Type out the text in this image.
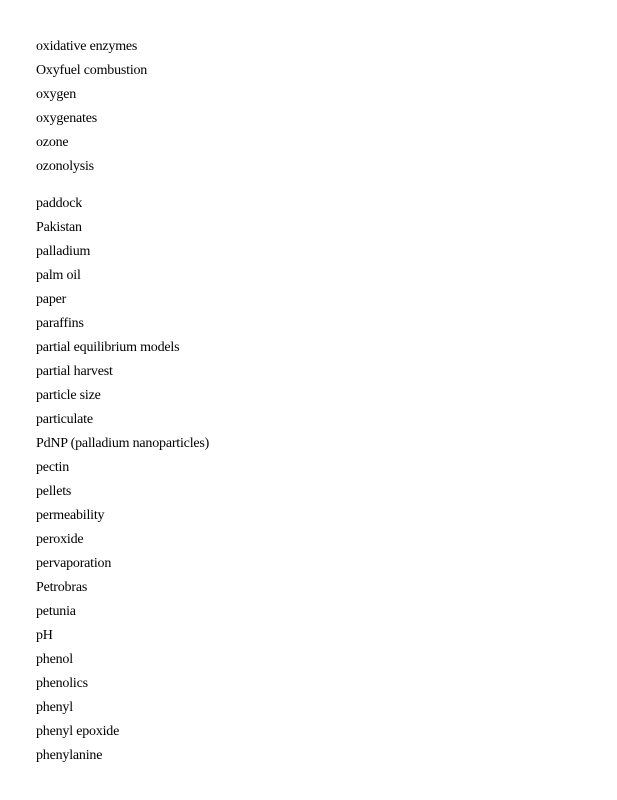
oxidative enzymes
Oxyfuel combustion
oxygen
oxygenates
ozone
ozonolysis
paddock
Pakistan
palladium
palm oil
paper
paraffins
partial equilibrium models
partial harvest
particle size
particulate
PdNP (palladium nanoparticles)
pectin
pellets
permeability
peroxide
pervaporation
Petrobras
petunia
pH
phenol
phenolics
phenyl
phenyl epoxide
phenylanine
